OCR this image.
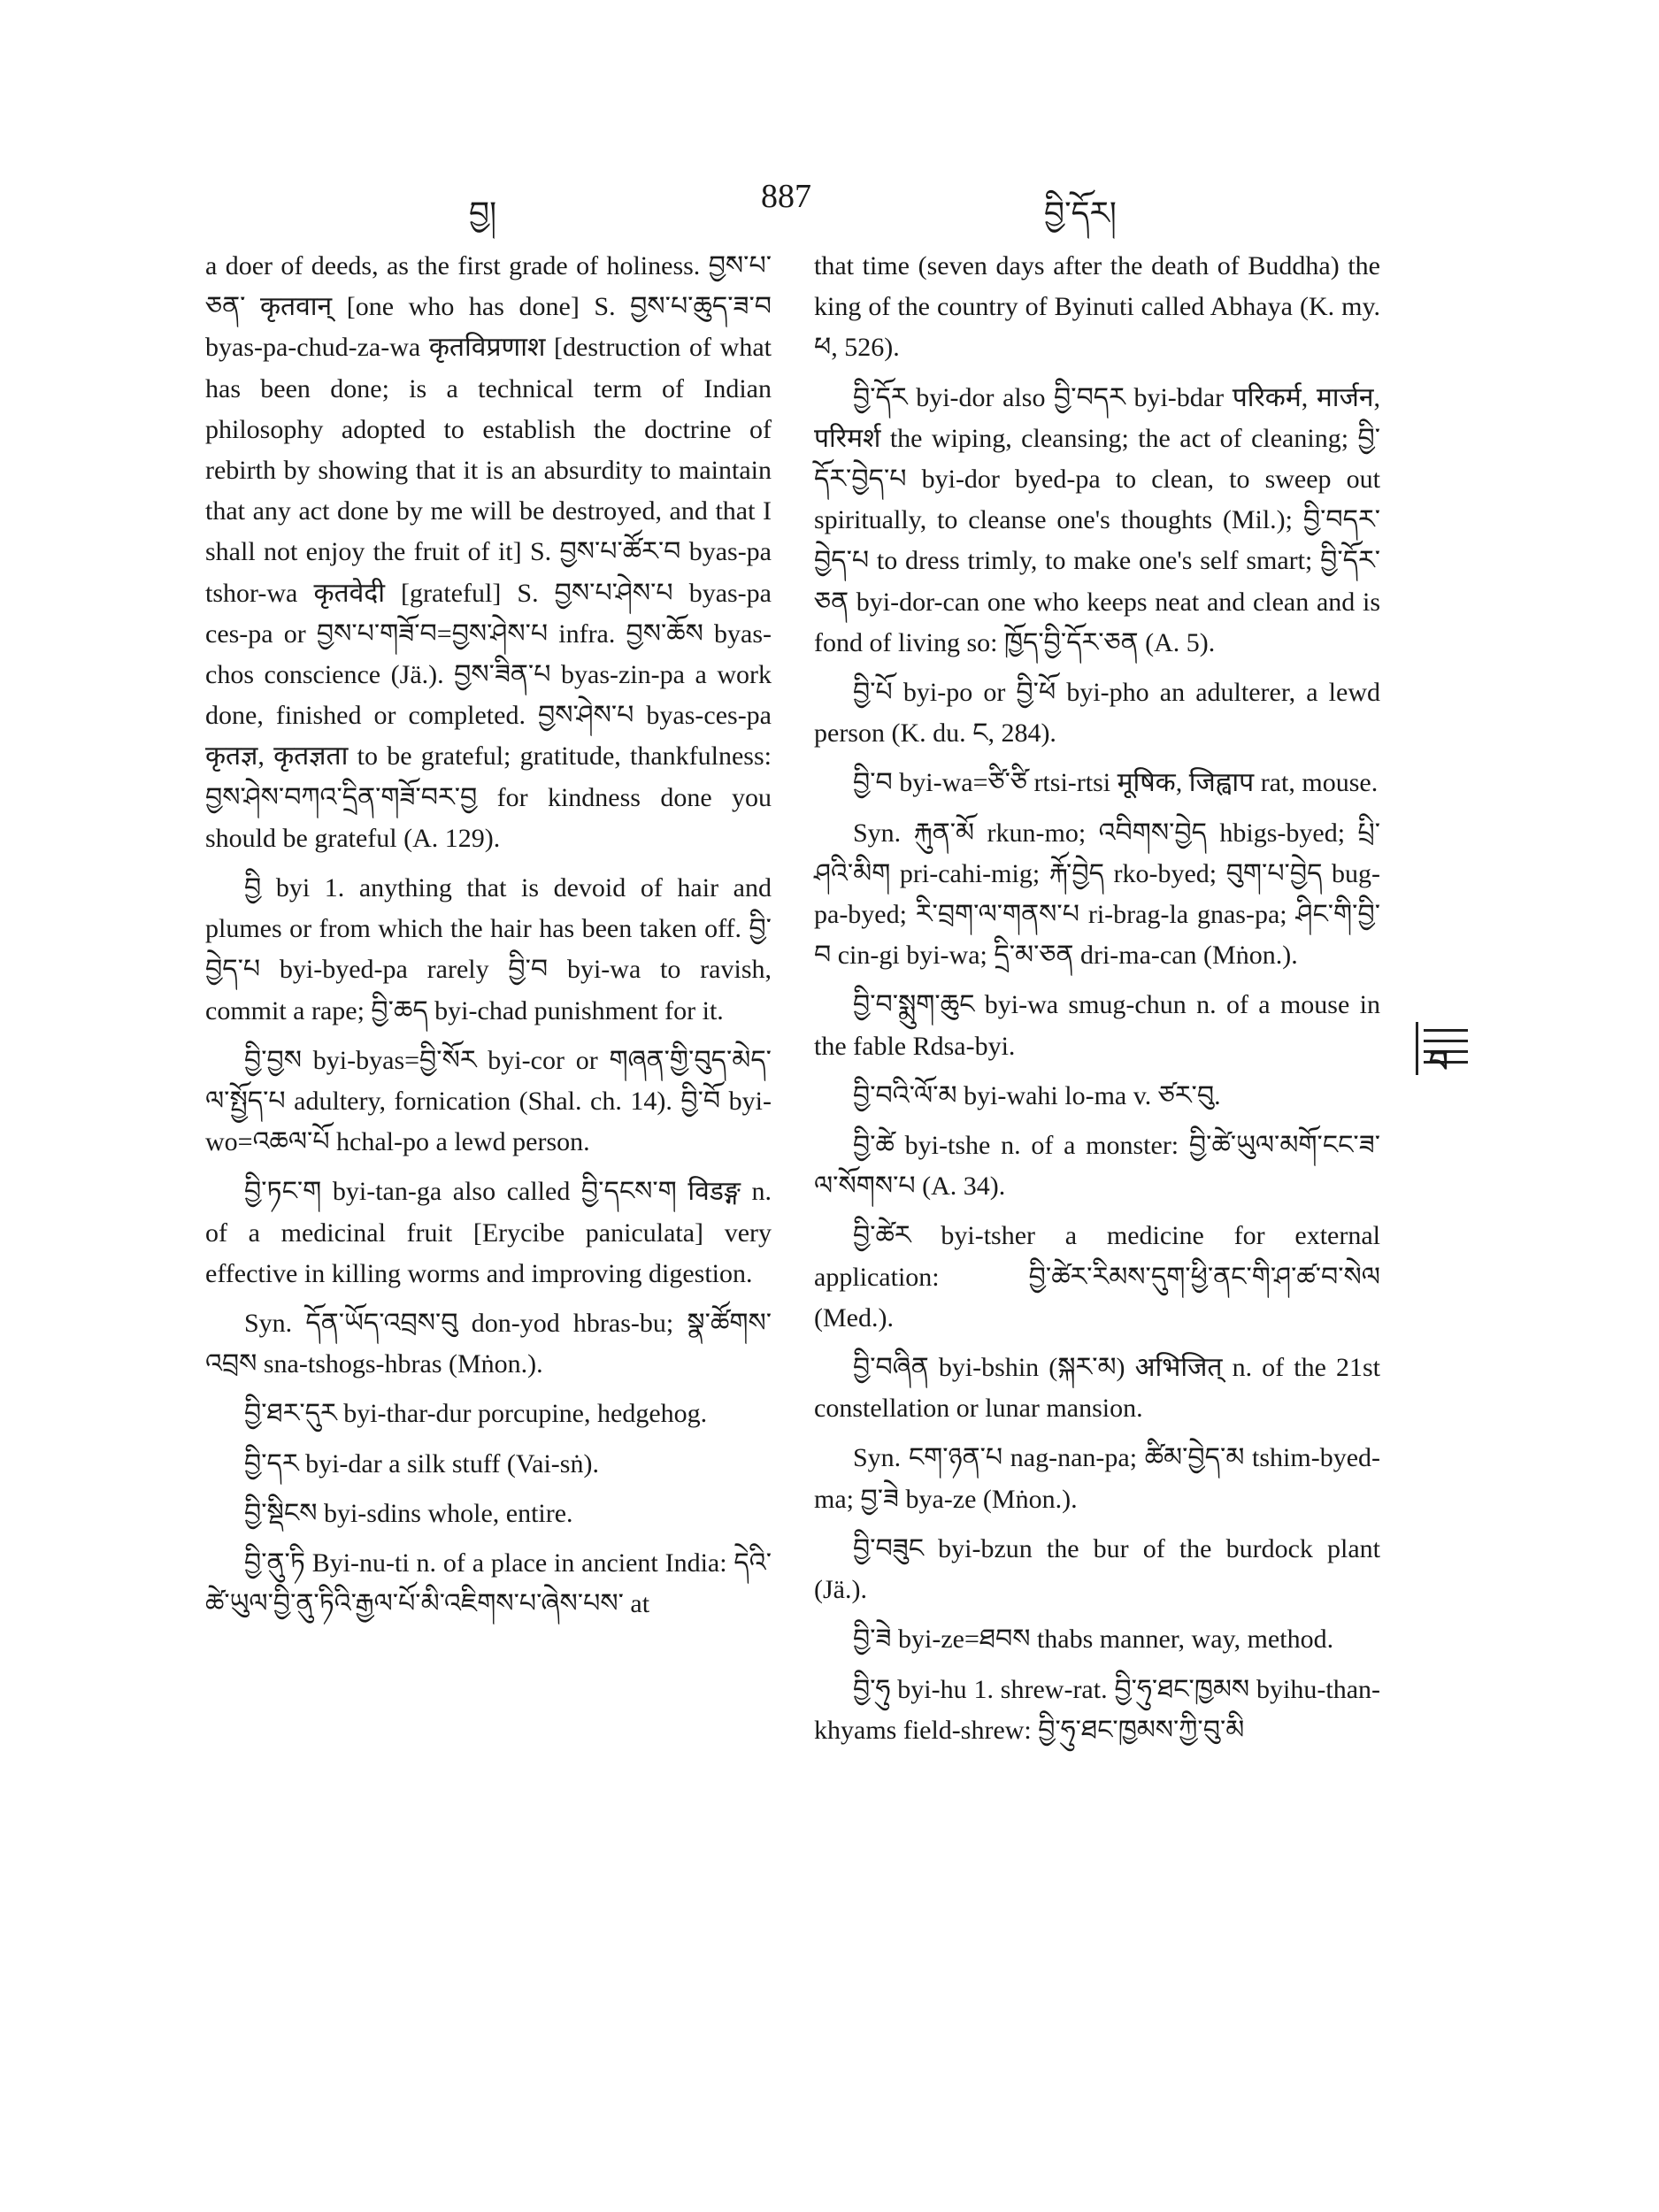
བྱ།	887	བྱི་དོར།

a doer of deeds, as the first grade of holiness. བྱས་པ་ཅན་ कृतवान् [one who has done] S. བྱས་པ་ཆུད་ཟ་བ byas-pa-chud-za-wa कृतविप्रणाश [destruction of what has been done; is a technical term of Indian philosophy adopted to establish the doctrine of rebirth by showing that it is an absurdity to maintain that any act done by me will be destroyed, and that I shall not enjoy the fruit of it] S. བྱས་པ་ཚོར་བ byas-pa tshor-wa कृतवेदी [grateful] S. བྱས་པ་ཤེས་པ byas-pa ces-pa or བྱས་པ་གཟོ་བ=བྱས་ཤེས་པ infra. བྱས་ཆོས byas-chos conscience (Jä.). བྱས་ཟིན་པ byas-zin-pa a work done, finished or completed. བྱས་ཤེས་པ byas-ces-pa कृतज्ञ, कृतज्ञता to be grateful; gratitude, thankfulness: བྱས་ཤེས་བཀའ་དྲིན་གཟོ་བར་བྱ for kindness done you should be grateful (A. 129).

བྱི byi 1. anything that is devoid of hair and plumes or from which the hair has been taken off. བྱི་བྱེད་པ byi-byed-pa rarely བྱི་བ byi-wa to ravish, commit a rape; བྱི་ཆད byi-chad punishment for it.

བྱི་བྱས byi-byas=བྱི་སོར byi-cor or གཞན་གྱི་བུད་མེད་ལ་སྤྱོད་པ adultery, fornication (Shal. ch. 14). བྱི་བོ byi-wo=འཆལ་པོ hchal-po a lewd person.

བྱི་ཏང་ག byi-tan-ga also called བྱི་དངས་ག विडङ्ग n. of a medicinal fruit [Erycibe paniculata] very effective in killing worms and improving digestion.

Syn. དོན་ཡོད་འབྲས་བུ don-yod hbras-bu; སྣ་ཚོགས་འབྲས sna-tshogs-hbras (Mṅon.).

བྱི་ཐར་དུར byi-thar-dur porcupine, hedgehog.

བྱི་དར byi-dar a silk stuff (Vai-sṅ).

བྱི་སྡིངས byi-sdins whole, entire.

བྱི་ནུ་ཏི Byi-nu-ti n. of a place in ancient India: དེའི་ཚེ་ཡུལ་བྱི་ནུ་ཏིའི་རྒྱལ་པོ་མི་འཇིགས་པ་ཞེས་པས་ at

that time (seven days after the death of Buddha) the king of the country of Byinuti called Abhaya (K. my. ཕ, 526).

བྱི་དོར byi-dor also བྱི་བདར byi-bdar परिकर्म, मार्जन, परिमर्श the wiping, cleansing; the act of cleaning; བྱི་དོར་བྱེད་པ byi-dor byed-pa to clean, to sweep out spiritually, to cleanse one's thoughts (Mil.); བྱི་བདར་བྱེད་པ to dress trimly, to make one's self smart; བྱི་དོར་ཅན byi-dor-can one who keeps neat and clean and is fond of living so: ཁྱོད་བྱི་དོར་ཅན (A. 5).

བྱི་པོ byi-po or བྱི་ཕོ byi-pho an adulterer, a lewd person (K. du. ང, 284).

བྱི་བ byi-wa=ཙི་ཙི rtsi-rtsi मूषिक, जिह्वाप rat, mouse.

Syn. རྐུན་མོ rkun-mo; འབིགས་བྱེད hbigs-byed; པྲི་ཤའི་མིག pri-cahi-mig; རྐོ་བྱེད rko-byed; བུག་པ་བྱེད bug-pa-byed; རི་བྲག་ལ་གནས་པ ri-brag-la gnas-pa; ཤིང་གི་བྱི་བ cin-gi byi-wa; དྲི་མ་ཅན dri-ma-can (Mṅon.).

བྱི་བ་སྨུག་ཆུང byi-wa smug-chun n. of a mouse in the fable Rdsa-byi.

བྱི་བའི་ལོ་མ byi-wahi lo-ma v. ཙར་བུ.

བྱི་ཚེ byi-tshe n. of a monster: བྱི་ཚེ་ཡུལ་མགོ་ངང་ཟ་ལ་སོགས་པ (A. 34).

བྱི་ཚེར byi-tsher a medicine for external application: བྱི་ཚེར་རིམས་དུག་ཕྱི་ནང་གི་ཤ་ཚ་བ་སེལ (Med.).

བྱི་བཞིན byi-bshin (སྐར་མ) अभिजित् n. of the 21st constellation or lunar mansion.

Syn. ངག་ཉན་པ nag-nan-pa; ཚིམ་བྱེད་མ tshim-byed-ma; བྱ་ཟེ bya-ze (Mṅon.).

བྱི་བཟུང byi-bzun the bur of the burdock plant (Jä.).

བྱི་ཟེ byi-ze=ཐབས thabs manner, way, method.

བྱི་ཧུ byi-hu 1. shrew-rat. བྱི་ཧུ་ཐང་ཁྱམས byihu-than-khyams field-shrew: བྱི་ཧུ་ཐང་ཁྱམས་ཀྱི་བུ་མི

བ
